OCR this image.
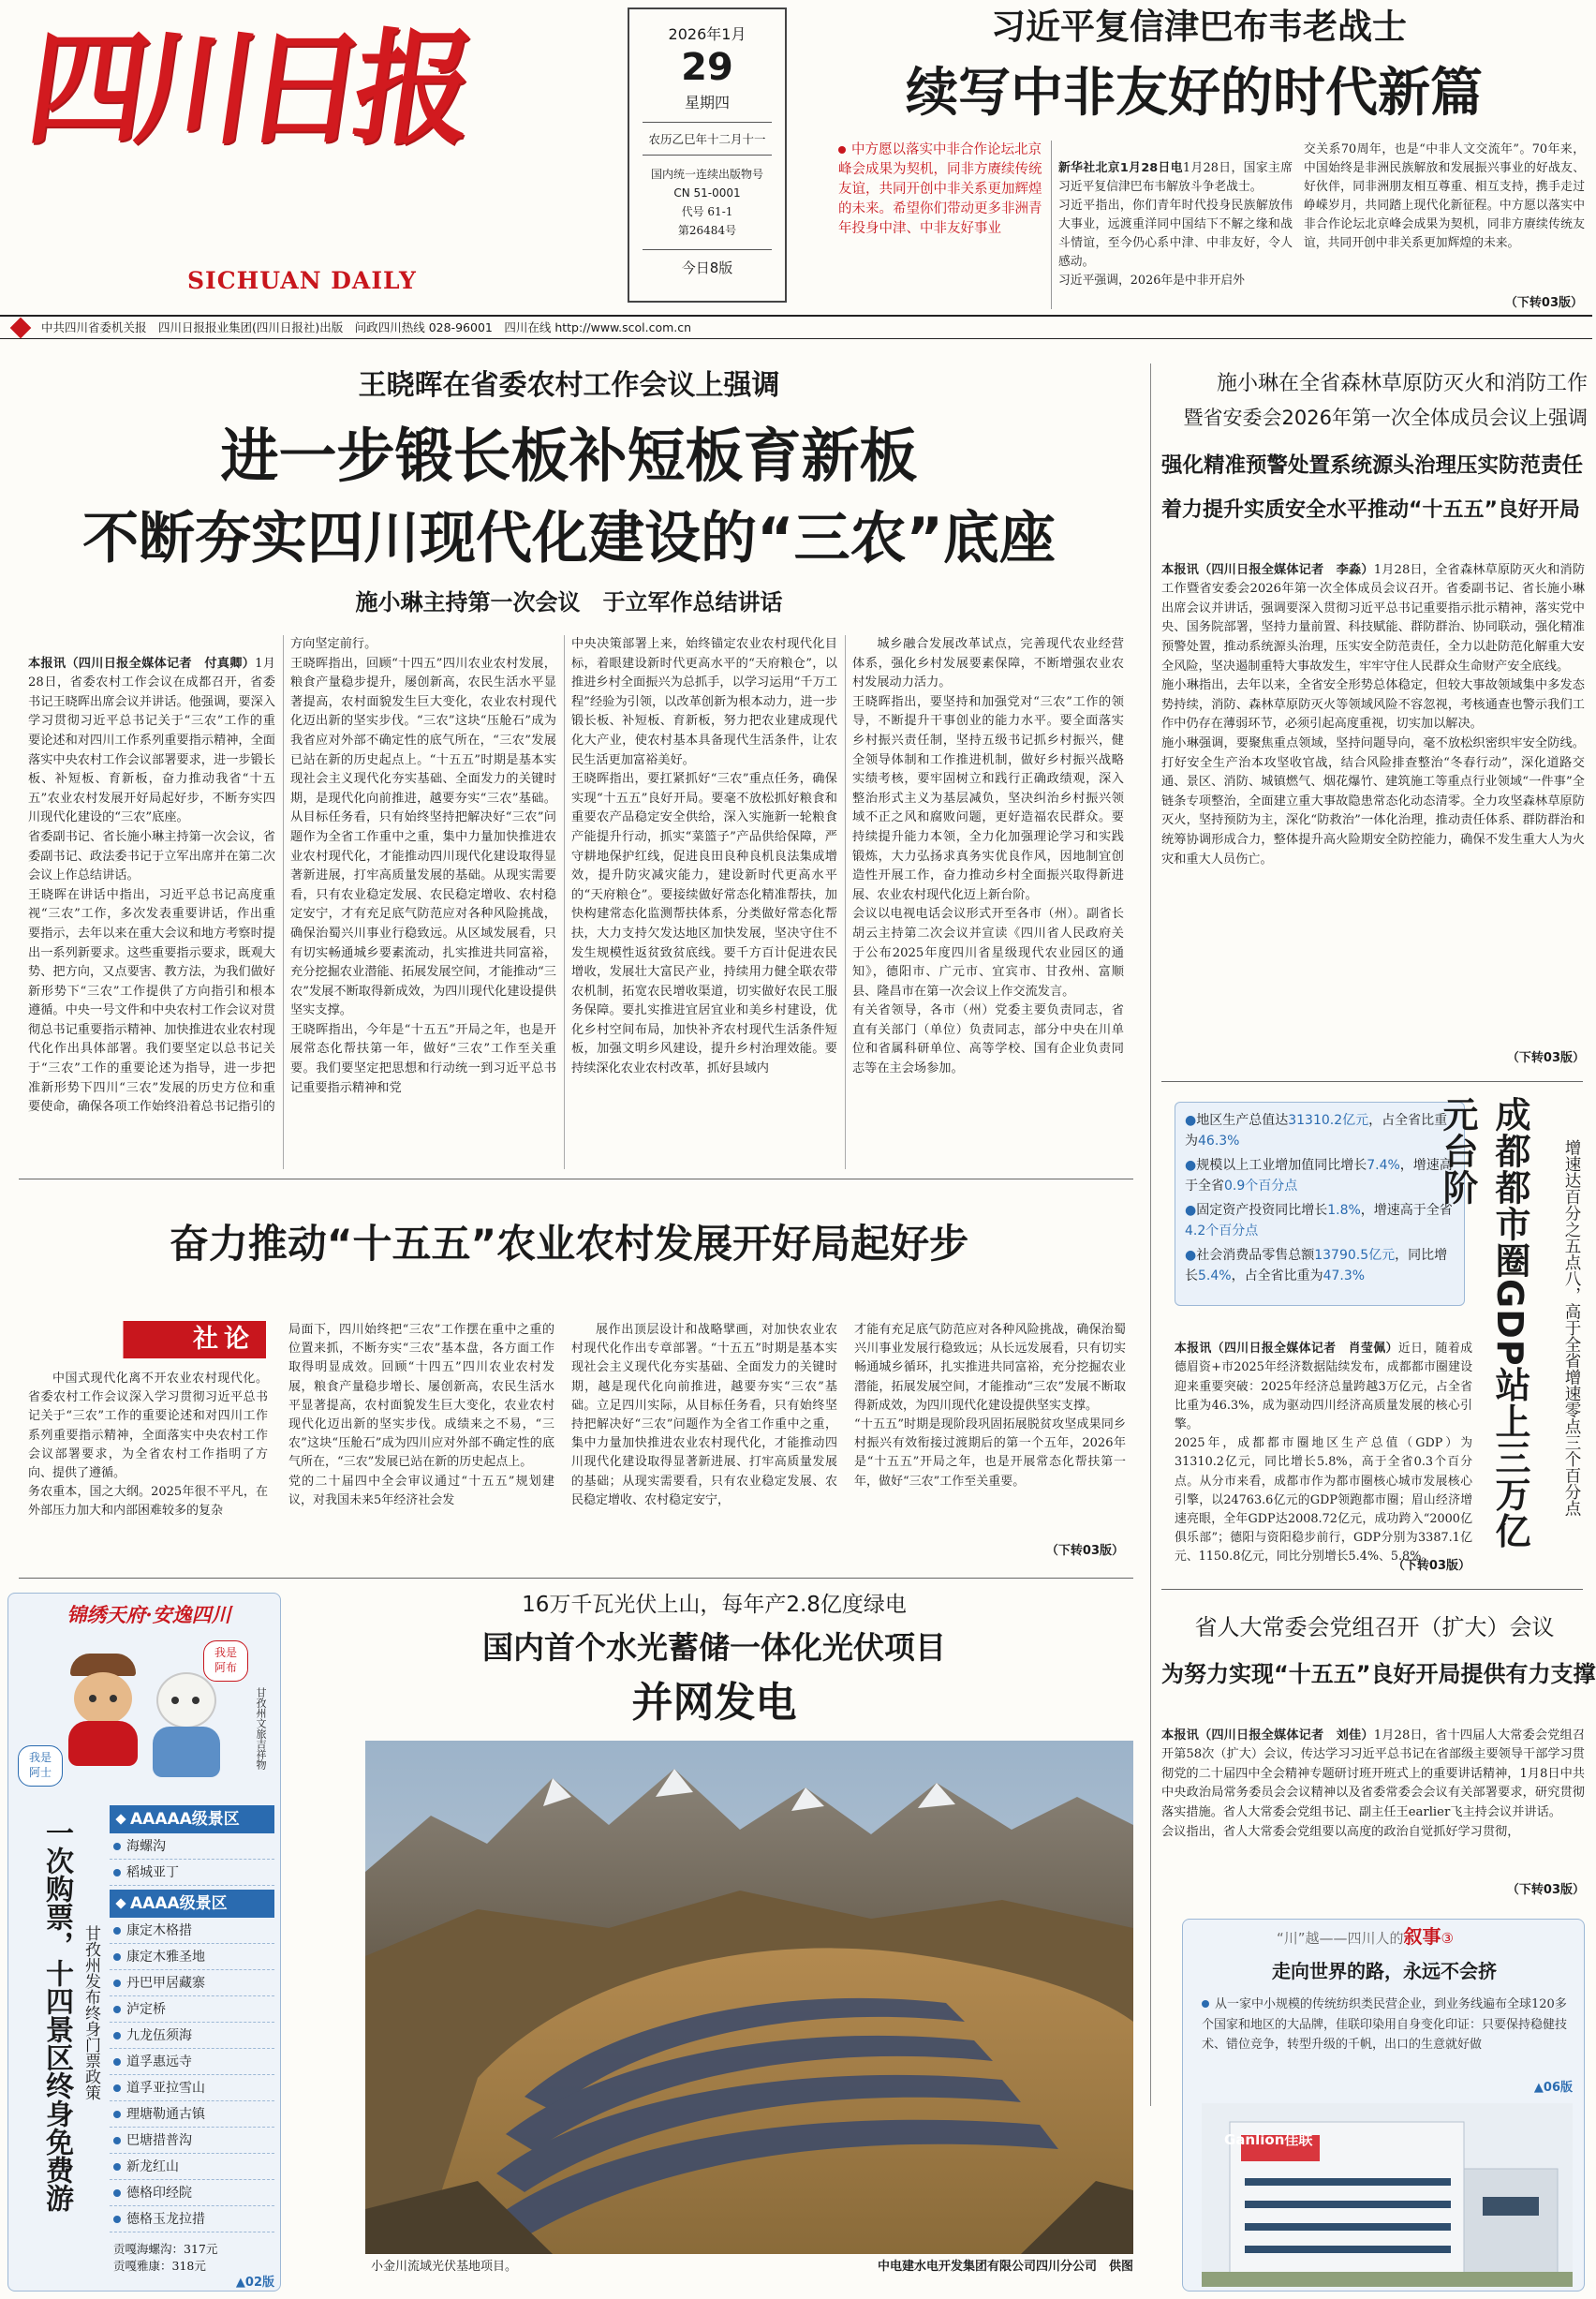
四川日报
SICHUAN DAILY
2026年1月
29
星期四
农历乙巳年十二月十一
国内统一连续出版物号
CN 51-0001
代号 61-1
第26484号
今日8版
习近平复信津巴布韦老战士
续写中非友好的时代新篇
中方愿以落实中非合作论坛北京峰会成果为契机，同非方赓续传统友谊，共同开创中非关系更加辉煌的未来。希望你们带动更多非洲青年投身中津、中非友好事业

新华社北京1月28日电1月28日，国家主席习近平复信津巴布韦解放斗争老战士。
习近平指出，你们青年时代投身民族解放伟大事业，远渡重洋同中国结下不解之缘和战斗情谊，至今仍心系中津、中非友好，令人感动。
习近平强调，2026年是中非开启外

交关系70周年，也是“中非人文交流年”。70年来，中国始终是非洲民族解放和发展振兴事业的好战友、好伙伴，同非洲朋友相互尊重、相互支持，携手走过峥嵘岁月，共同踏上现代化新征程。中方愿以落实中非合作论坛北京峰会成果为契机，同非方赓续传统友谊，共同开创中非关系更加辉煌的未来。
（下转03版）
中共四川省委机关报　四川日报报业集团(四川日报社)出版　问政四川热线 028-96001　四川在线 http://www.scol.com.cn
王晓晖在省委农村工作会议上强调
进一步锻长板补短板育新板
不断夯实四川现代化建设的“三农”底座
施小琳主持第一次会议　于立军作总结讲话

本报讯（四川日报全媒体记者　付真卿）1月28日，省委农村工作会议在成都召开，省委书记王晓晖出席会议并讲话。他强调，要深入学习贯彻习近平总书记关于“三农”工作的重要论述和对四川工作系列重要指示精神，全面落实中央农村工作会议部署要求，进一步锻长板、补短板、育新板，奋力推动我省“十五五”农业农村发展开好局起好步，不断夯实四川现代化建设的“三农”底座。
省委副书记、省长施小琳主持第一次会议，省委副书记、政法委书记于立军出席并在第二次会议上作总结讲话。
王晓晖在讲话中指出，习近平总书记高度重视“三农”工作，多次发表重要讲话，作出重要指示，去年以来在重大会议和地方考察时提出一系列新要求。这些重要指示要求，既观大势、把方向，又点要害、教方法，为我们做好新形势下“三农”工作提供了方向指引和根本遵循。中央一号文件和中央农村工作会议对贯彻总书记重要指示精神、加快推进农业农村现代化作出具体部署。我们要坚定以总书记关于“三农”工作的重要论述为指导，进一步把准新形势下四川“三农”发展的历史方位和重要使命，确保各项工作始终沿着总书记指引的

方向坚定前行。
王晓晖指出，回顾“十四五”四川农业农村发展，粮食产量稳步提升，屡创新高，农民生活水平显著提高，农村面貌发生巨大变化，农业农村现代化迈出新的坚实步伐。“三农”这块“压舱石”成为我省应对外部不确定性的底气所在，“三农”发展已站在新的历史起点上。“十五五”时期是基本实现社会主义现代化夯实基础、全面发力的关键时期，是现代化向前推进，越要夯实“三农”基础。从目标任务看，只有始终坚持把解决好“三农”问题作为全省工作重中之重，集中力量加快推进农业农村现代化，才能推动四川现代化建设取得显著新进展，打牢高质量发展的基础。从现实需要看，只有农业稳定发展、农民稳定增收、农村稳定安宁，才有充足底气防范应对各种风险挑战，确保治蜀兴川事业行稳致远。从区域发展看，只有切实畅通城乡要素流动，扎实推进共同富裕，充分挖掘农业潜能、拓展发展空间，才能推动“三农”发展不断取得新成效，为四川现代化建设提供坚实支撑。
王晓晖指出，今年是“十五五”开局之年，也是开展常态化帮扶第一年，做好“三农”工作至关重要。我们要坚定把思想和行动统一到习近平总书记重要指示精神和党
中央决策部署上来，始终锚定农业农村现代化目标，着眼建设新时代更高水平的“天府粮仓”，以推进乡村全面振兴为总抓手，以学习运用“千万工程”经验为引领，以改革创新为根本动力，进一步锻长板、补短板、育新板，努力把农业建成现代化大产业，使农村基本具备现代生活条件，让农民生活更加富裕美好。
王晓晖指出，要扛紧抓好“三农”重点任务，确保实现“十五五”良好开局。要毫不放松抓好粮食和重要农产品稳定安全供给，深入实施新一轮粮食产能提升行动，抓实“菜篮子”产品供给保障，严守耕地保护红线，促进良田良种良机良法集成增效，提升防灾减灾能力，建设新时代更高水平的“天府粮仓”。要接续做好常态化精准帮扶，加快构建常态化监测帮扶体系，分类做好常态化帮扶，大力支持欠发达地区加快发展，坚决守住不发生规模性返贫致贫底线。要千方百计促进农民增收，发展壮大富民产业，持续用力健全联农带农机制，拓宽农民增收渠道，切实做好农民工服务保障。要扎实推进宜居宜业和美乡村建设，优化乡村空间布局，加快补齐农村现代生活条件短板，加强文明乡风建设，提升乡村治理效能。要持续深化农业农村改革，抓好县域内
城乡融合发展改革试点，完善现代农业经营体系，强化乡村发展要素保障，不断增强农业农村发展动力活力。
王晓晖指出，要坚持和加强党对“三农”工作的领导，不断提升干事创业的能力水平。要全面落实乡村振兴责任制，坚持五级书记抓乡村振兴，健全领导体制和工作推进机制，做好乡村振兴战略实绩考核，要牢固树立和践行正确政绩观，深入整治形式主义为基层减负，坚决纠治乡村振兴领域不正之风和腐败问题，更好造福农民群众。要持续提升能力本领，全力化加强理论学习和实践锻炼，大力弘扬求真务实优良作风，因地制宜创造性开展工作，奋力推动乡村全面振兴取得新进展、农业农村现代化迈上新台阶。
会议以电视电话会议形式开至各市（州）。副省长胡云主持第二次会议并宣读《四川省人民政府关于公布2025年度四川省星级现代农业园区的通知》，德阳市、广元市、宜宾市、甘孜州、富顺县、隆昌市在第一次会议上作交流发言。
有关省领导，各市（州）党委主要负责同志，省直有关部门（单位）负责同志，部分中央在川单位和省属科研单位、高等学校、国有企业负责同志等在主会场参加。
奋力推动“十五五”农业农村发展开好局起好步
社论
中国式现代化离不开农业农村现代化。省委农村工作会议深入学习贯彻习近平总书记关于“三农”工作的重要论述和对四川工作系列重要指示精神，全面落实中央农村工作会议部署要求，为全省农村工作指明了方向、提供了遵循。
务农重本，国之大纲。2025年很不平凡，在外部压力加大和内部困难较多的复杂
局面下，四川始终把“三农”工作摆在重中之重的位置来抓，不断夯实“三农”基本盘，各方面工作取得明显成效。回顾“十四五”四川农业农村发展，粮食产量稳步增长、屡创新高，农民生活水平显著提高，农村面貌发生巨大变化，农业农村现代化迈出新的坚实步伐。成绩来之不易，“三农”这块“压舱石”成为四川应对外部不确定性的底气所在，“三农”发展已站在新的历史起点上。
党的二十届四中全会审议通过“十五五”规划建议，对我国未来5年经济社会发
展作出顶层设计和战略擘画，对加快农业农村现代化作出专章部署。“十五五”时期是基本实现社会主义现代化夯实基础、全面发力的关键时期，越是现代化向前推进，越要夯实“三农”基础。立足四川实际，从目标任务看，只有始终坚持把解决好“三农”问题作为全省工作重中之重，集中力量加快推进农业农村现代化，才能推动四川现代化建设取得显著新进展、打牢高质量发展的基础；从现实需要看，只有农业稳定发展、农民稳定增收、农村稳定安宁，
才能有充足底气防范应对各种风险挑战，确保治蜀兴川事业发展行稳致远；从长远发展看，只有切实畅通城乡循环，扎实推进共同富裕，充分挖掘农业潜能，拓展发展空间，才能推动“三农”发展不断取得新成效，为四川现代化建设提供坚实支撑。
“十五五”时期是现阶段巩固拓展脱贫攻坚成果同乡村振兴有效衔接过渡期后的第一个五年，2026年是“十五五”开局之年，也是开展常态化帮扶第一年，做好“三农”工作至关重要。
（下转03版）
施小琳在全省森林草原防灭火和消防工作
暨省安委会2026年第一次全体成员会议上强调
强化精准预警处置系统源头治理压实防范责任
着力提升实质安全水平推动“十五五”良好开局

本报讯（四川日报全媒体记者　李淼）1月28日，全省森林草原防灭火和消防工作暨省安委会2026年第一次全体成员会议召开。省委副书记、省长施小琳出席会议并讲话，强调要深入贯彻习近平总书记重要指示批示精神，落实党中央、国务院部署，坚持力量前置、科技赋能、群防群治、协同联动，强化精准预警处置，推动系统源头治理，压实安全防范责任，全力以赴防范化解重大安全风险，坚决遏制重特大事故发生，牢牢守住人民群众生命财产安全底线。
施小琳指出，去年以来，全省安全形势总体稳定，但较大事故领域集中多发态势持续，消防、森林草原防灭火等领域风险不容忽视，考核通查也警示我们工作中仍存在薄弱环节，必须引起高度重视，切实加以解决。
施小琳强调，要聚焦重点领域，坚持问题导向，毫不放松织密织牢安全防线。打好安全生产治本攻坚收官战，结合风险排查整治“冬春行动”，深化道路交通、景区、消防、城镇燃气、烟花爆竹、建筑施工等重点行业领域“一件事”全链条专项整治，全面建立重大事故隐患常态化动态清零。全力攻坚森林草原防灭火，坚持预防为主，深化“防救治”一体化治理，推动责任体系、群防群治和统筹协调形成合力，整体提升高火险期安全防控能力，确保不发生重大人为火灾和重大人员伤亡。

（下转03版）
●地区生产总值达31310.2亿元，占全省比重为46.3%
●规模以上工业增加值同比增长7.4%，增速高于全省0.9个百分点
●固定资产投资同比增长1.8%，增速高于全省4.2个百分点
●社会消费品零售总额13790.5亿元，同比增长5.4%，占全省比重为47.3%	成都都市圈GDP站上三万亿元台阶	增速达百分之五点八，高于全省增速零点三个百分点

本报讯（四川日报全媒体记者　肖莹佩）近日，随着成德眉资+市2025年经济数据陆续发布，成都都市圈建设迎来重要突破：2025年经济总量跨越3万亿元，占全省比重为46.3%，成为驱动四川经济高质量发展的核心引擎。
2025年，成都都市圈地区生产总值（GDP）为31310.2亿元，同比增长5.8%，高于全省0.3个百分点。从分市来看，成都市作为都市圈核心城市发展核心引擎，以24763.6亿元的GDP领跑都市圈；眉山经济增速亮眼，全年GDP达2008.72亿元，成功跨入“2000亿俱乐部”；德阳与资阳稳步前行，GDP分别为3387.1亿元、1150.8亿元，同比分别增长5.4%、5.8%。

（下转03版）
锦绣天府·安逸四川
我是阿布
我是阿士
甘孜州文旅吉祥物
一次购票，十四景区终身免费游 甘孜州发布终身门票政策
AAAAA级景区
海螺沟
稻城亚丁
AAAA级景区
康定木格措
康定木雅圣地
丹巴甲居藏寨
泸定桥
九龙伍须海
道孚惠远寺
道孚亚拉雪山
理塘勒通古镇
巴塘措普沟
新龙红山
德格印经院
德格玉龙拉措
贡嘎海螺沟：317元
贡嘎雅康：318元
▲02版
16万千瓦光伏上山，每年产2.8亿度绿电
国内首个水光蓄储一体化光伏项目
并网发电
小金川流域光伏基地项目。	中电建水电开发集团有限公司四川分公司　供图
省人大常委会党组召开（扩大）会议
为努力实现“十五五”良好开局提供有力支撑

本报讯（四川日报全媒体记者　刘佳）1月28日，省十四届人大常委会党组召开第58次（扩大）会议，传达学习习近平总书记在省部级主要领导干部学习贯彻党的二十届四中全会精神专题研讨班开班式上的重要讲话精神，1月8日中共中央政治局常务委员会会议精神以及省委常委会会议有关部署要求，研究贯彻落实措施。省人大常委会党组书记、副主任王earlier飞主持会议并讲话。
会议指出，省人大常委会党组要以高度的政治自觉抓好学习贯彻，

（下转03版）
“川”越——四川人的叙事③
走向世界的路，永远不会挤
从一家中小规模的传统纺织类民营企业，到业务线遍布全球120多个国家和地区的大品牌，佳联印染用自身变化印证：只要保持稳健技术、错位竞争，转型升级的千帆，出口的生意就好做
▲06版
Ganlion佳联
